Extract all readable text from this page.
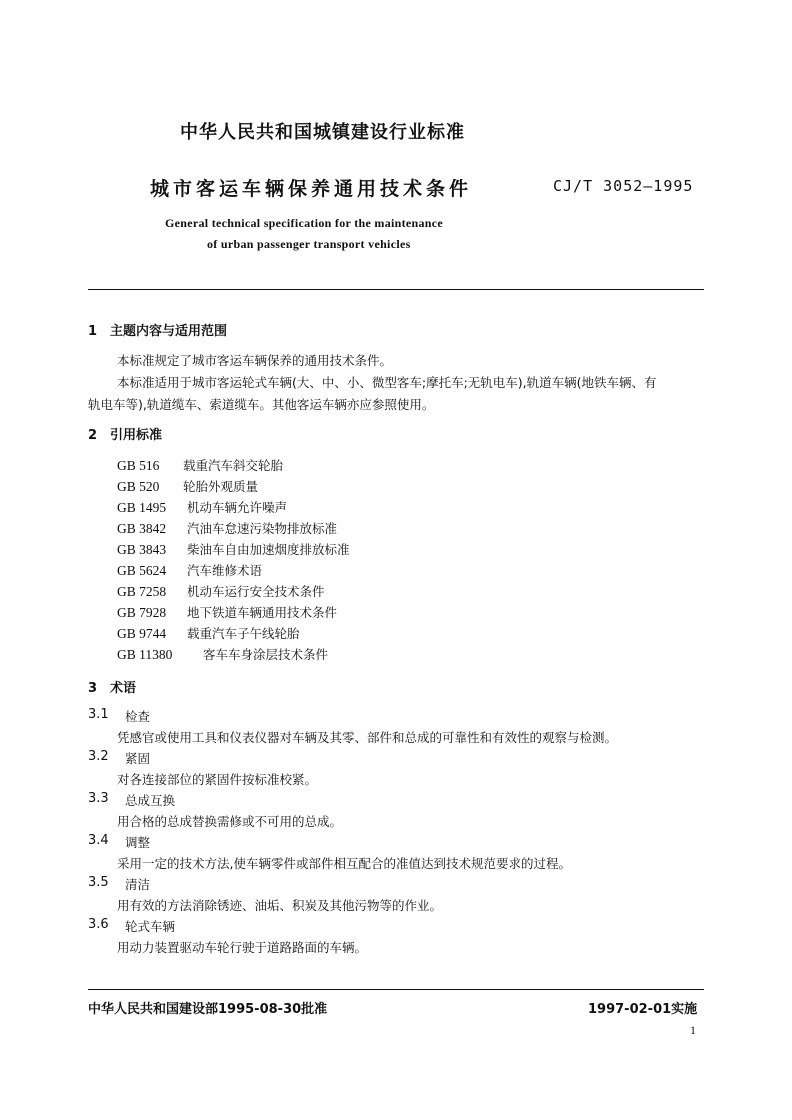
中华人民共和国城镇建设行业标准
城市客运车辆保养通用技术条件	CJ/T 3052—1995
General technical specification for the maintenance
of urban passenger transport vehicles
1　主题内容与适用范围
本标准规定了城市客运车辆保养的通用技术条件。
本标准适用于城市客运轮式车辆(大、中、小、微型客车;摩托车;无轨电车),轨道车辆(地铁车辆、有
轨电车等),轨道缆车、索道缆车。其他客运车辆亦应参照使用。
2　引用标准
GB 516 载重汽车斜交轮胎
GB 520 轮胎外观质量
GB 1495 机动车辆允许噪声
GB 3842 汽油车怠速污染物排放标准
GB 3843 柴油车自由加速烟度排放标准
GB 5624 汽车维修术语
GB 7258 机动车运行安全技术条件
GB 7928 地下铁道车辆通用技术条件
GB 9744 载重汽车子午线轮胎
GB 11380 客车车身涂层技术条件
3　术语
3.1 检查
凭感官或使用工具和仪表仪器对车辆及其零、部件和总成的可靠性和有效性的观察与检测。
3.2 紧固
对各连接部位的紧固件按标准校紧。
3.3 总成互换
用合格的总成替换需修或不可用的总成。
3.4 调整
采用一定的技术方法,使车辆零件或部件相互配合的准值达到技术规范要求的过程。
3.5 清洁
用有效的方法消除锈迹、油垢、积炭及其他污物等的作业。
3.6 轮式车辆
用动力装置驱动车轮行驶于道路路面的车辆。
中华人民共和国建设部1995-08-30批准	1997-02-01实施
1
